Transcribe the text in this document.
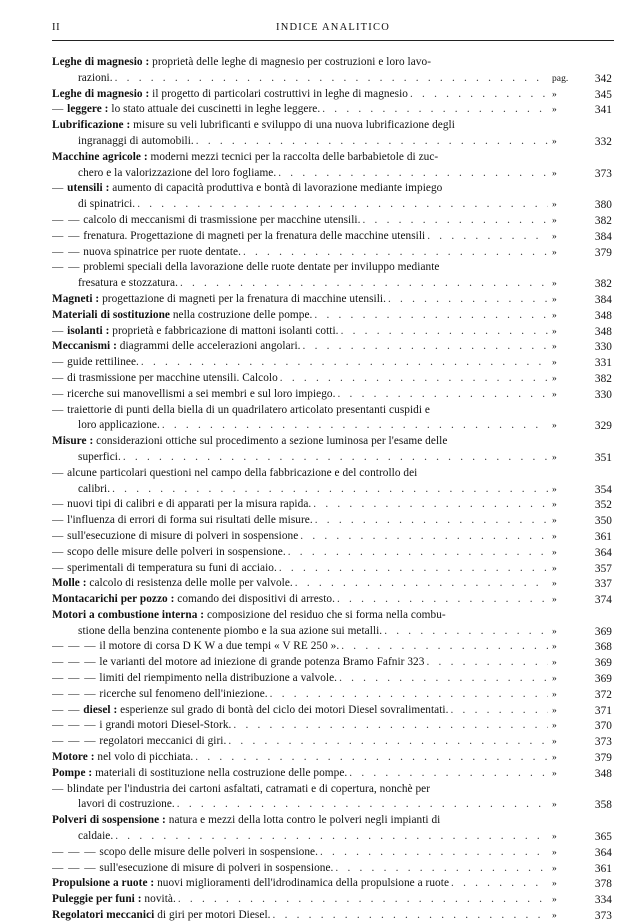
II	INDICE ANALITICO
Leghe di magnesio : proprietà delle leghe di magnesio per costruzioni e loro lavo-
razioni. . . .	pag.	342
Leghe di magnesio : il progetto di particolari costruttivi in leghe di magnesio . . .	»	345
— leggere : lo stato attuale dei cuscinetti in leghe leggere. . . .	»	341
Lubrificazione : misure su veli lubrificanti e sviluppo di una nuova lubrificazione degli
ingranaggi di automobili. . . .	»	332
Macchine agricole : moderni mezzi tecnici per la raccolta delle barbabietole di zuc-
chero e la valorizzazione del loro fogliame. . . .	»	373
— utensili : aumento di capacità produttiva e bontà di lavorazione mediante impiego
di spinatrici. . . .	»	380
— — calcolo di meccanismi di trasmissione per macchine utensili. . . .	»	382
— — frenatura. Progettazione di magneti per la frenatura delle macchine utensili . . .	»	384
— — nuova spinatrice per ruote dentate. . . .	»	379
— — problemi speciali della lavorazione delle ruote dentate per inviluppo mediante
fresatura e stozzatura. . . .	»	382
Magneti : progettazione di magneti per la frenatura di macchine utensili. . . .	»	384
Materiali di sostituzione nella costruzione delle pompe. . . .	»	348
— isolanti : proprietà e fabbricazione di mattoni isolanti cotti. . . .	»	348
Meccanismi : diagrammi delle accelerazioni angolari. . . .	»	330
— guide rettilinee. . . .	»	331
— di trasmissione per macchine utensili. Calcolo . . .	»	382
— ricerche sui manovellismi a sei membri e sul loro impiego. . . .	»	330
— traiettorie di punti della biella di un quadrilatero articolato presentanti cuspidi e
loro applicazione. . . .	»	329
Misure : considerazioni ottiche sul procedimento a sezione luminosa per l'esame delle
superfici. . . .	»	351
— alcune particolari questioni nel campo della fabbricazione e del controllo dei
calibri. . . .	»	354
— nuovi tipi di calibri e di apparati per la misura rapida. . . .	»	352
— l'influenza di errori di forma sui risultati delle misure. . . .	»	350
— sull'esecuzione di misure di polveri in sospensione . . .	»	361
— scopo delle misure delle polveri in sospensione. . . .	»	364
— sperimentali di temperatura su funi di acciaio. . . .	»	357
Molle : calcolo di resistenza delle molle per valvole. . . .	»	337
Montacarichi per pozzo : comando dei dispositivi di arresto. . . .	»	374
Motori a combustione interna : composizione del residuo che si forma nella combu-
stione della benzina contenente piombo e la sua azione sui metalli. . . .	»	369
— — — il motore di corsa D K W a due tempi « V RE 250 ». . . .	»	368
— — — le varianti del motore ad iniezione di grande potenza Bramo Fafnir 323 . . .	»	369
— — — limiti del riempimento nella distribuzione a valvole. . . .	»	369
— — — ricerche sul fenomeno dell'iniezione. . . .	»	372
— — diesel : esperienze sul grado di bontà del ciclo dei motori Diesel sovralimentati. . . .	»	371
— — — i grandi motori Diesel-Stork. . . .	»	370
— — — regolatori meccanici di giri. . . .	»	373
Motore : nel volo di picchiata. . . .	»	379
Pompe : materiali di sostituzione nella costruzione delle pompe. . . .	»	348
— blindate per l'industria dei cartoni asfaltati, catramati e di copertura, nonchè per
lavori di costruzione. . . .	»	358
Polveri di sospensione : natura e mezzi della lotta contro le polveri negli impianti di
caldaie. . . .	»	365
— — — scopo delle misure delle polveri in sospensione. . . .	»	364
— — — sull'esecuzione di misure di polveri in sospensione. . . .	»	361
Propulsione a ruote : nuovi miglioramenti dell'idrodinamica della propulsione a ruote . . .	»	378
Puleggie per funi : novità. . . .	»	334
Regolatori meccanici di giri per motori Diesel. . . .	»	373
